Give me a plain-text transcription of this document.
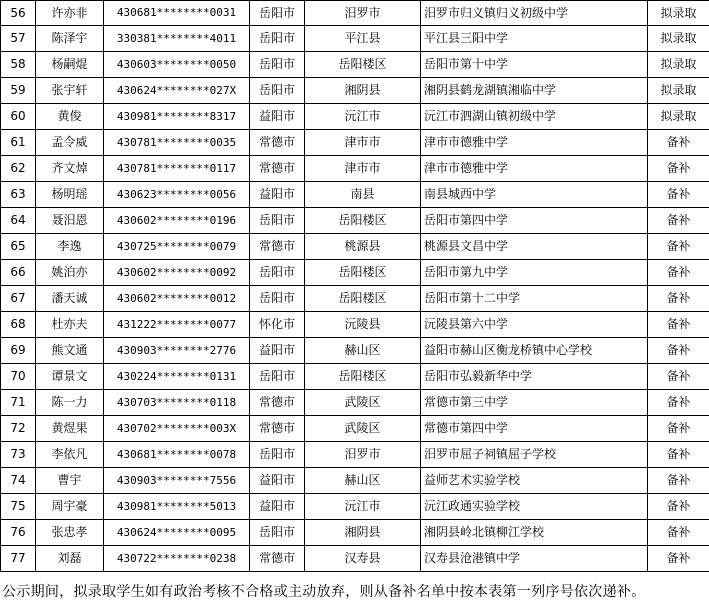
56	许亦非	430681********0031	岳阳市	汨罗市	汨罗市归义镇归义初级中学	拟录取
57	陈泽宇	330381********4011	岳阳市	平江县	平江县三阳中学	拟录取
58	杨嗣焜	430603********0050	岳阳市	岳阳楼区	岳阳市第十中学	拟录取
59	张宇轩	430624********027X	岳阳市	湘阴县	湘阴县鹤龙湖镇湘临中学	拟录取
60	黄俊	430981********8317	益阳市	沅江市	沅江市泗湖山镇初级中学	拟录取
61	孟令威	430781********0035	常德市	津市市	津市市德雅中学	备补
62	齐文焯	430781********0117	常德市	津市市	津市市德雅中学	备补
63	杨明瑶	430623********0056	益阳市	南县	南县城西中学	备补
64	聂汨恩	430602********0196	岳阳市	岳阳楼区	岳阳市第四中学	备补
65	李逸	430725********0079	常德市	桃源县	桃源县文昌中学	备补
66	姚泊亦	430602********0092	岳阳市	岳阳楼区	岳阳市第九中学	备补
67	潘天诚	430602********0012	岳阳市	岳阳楼区	岳阳市第十二中学	备补
68	杜亦夫	431222********0077	怀化市	沅陵县	沅陵县第六中学	备补
69	熊文通	430903********2776	益阳市	赫山区	益阳市赫山区衡龙桥镇中心学校	备补
70	谭景文	430224********0131	岳阳市	岳阳楼区	岳阳市弘毅新华中学	备补
71	陈一力	430703********0118	常德市	武陵区	常德市第三中学	备补
72	黄煜果	430702********003X	常德市	武陵区	常德市第四中学	备补
73	李依凡	430681********0078	岳阳市	汨罗市	汨罗市屈子祠镇屈子学校	备补
74	曹宇	430903********7556	益阳市	赫山区	益师艺术实验学校	备补
75	周宇豪	430981********5013	益阳市	沅江市	沅江政通实验学校	备补
76	张忠孝	430624********0095	岳阳市	湘阴县	湘阴县岭北镇柳江学校	备补
77	刘磊	430722********0238	常德市	汉寿县	汉寿县沧港镇中学	备补
公示期间，拟录取学生如有政治考核不合格或主动放弃，则从备补名单中按本表第一列序号依次递补。
